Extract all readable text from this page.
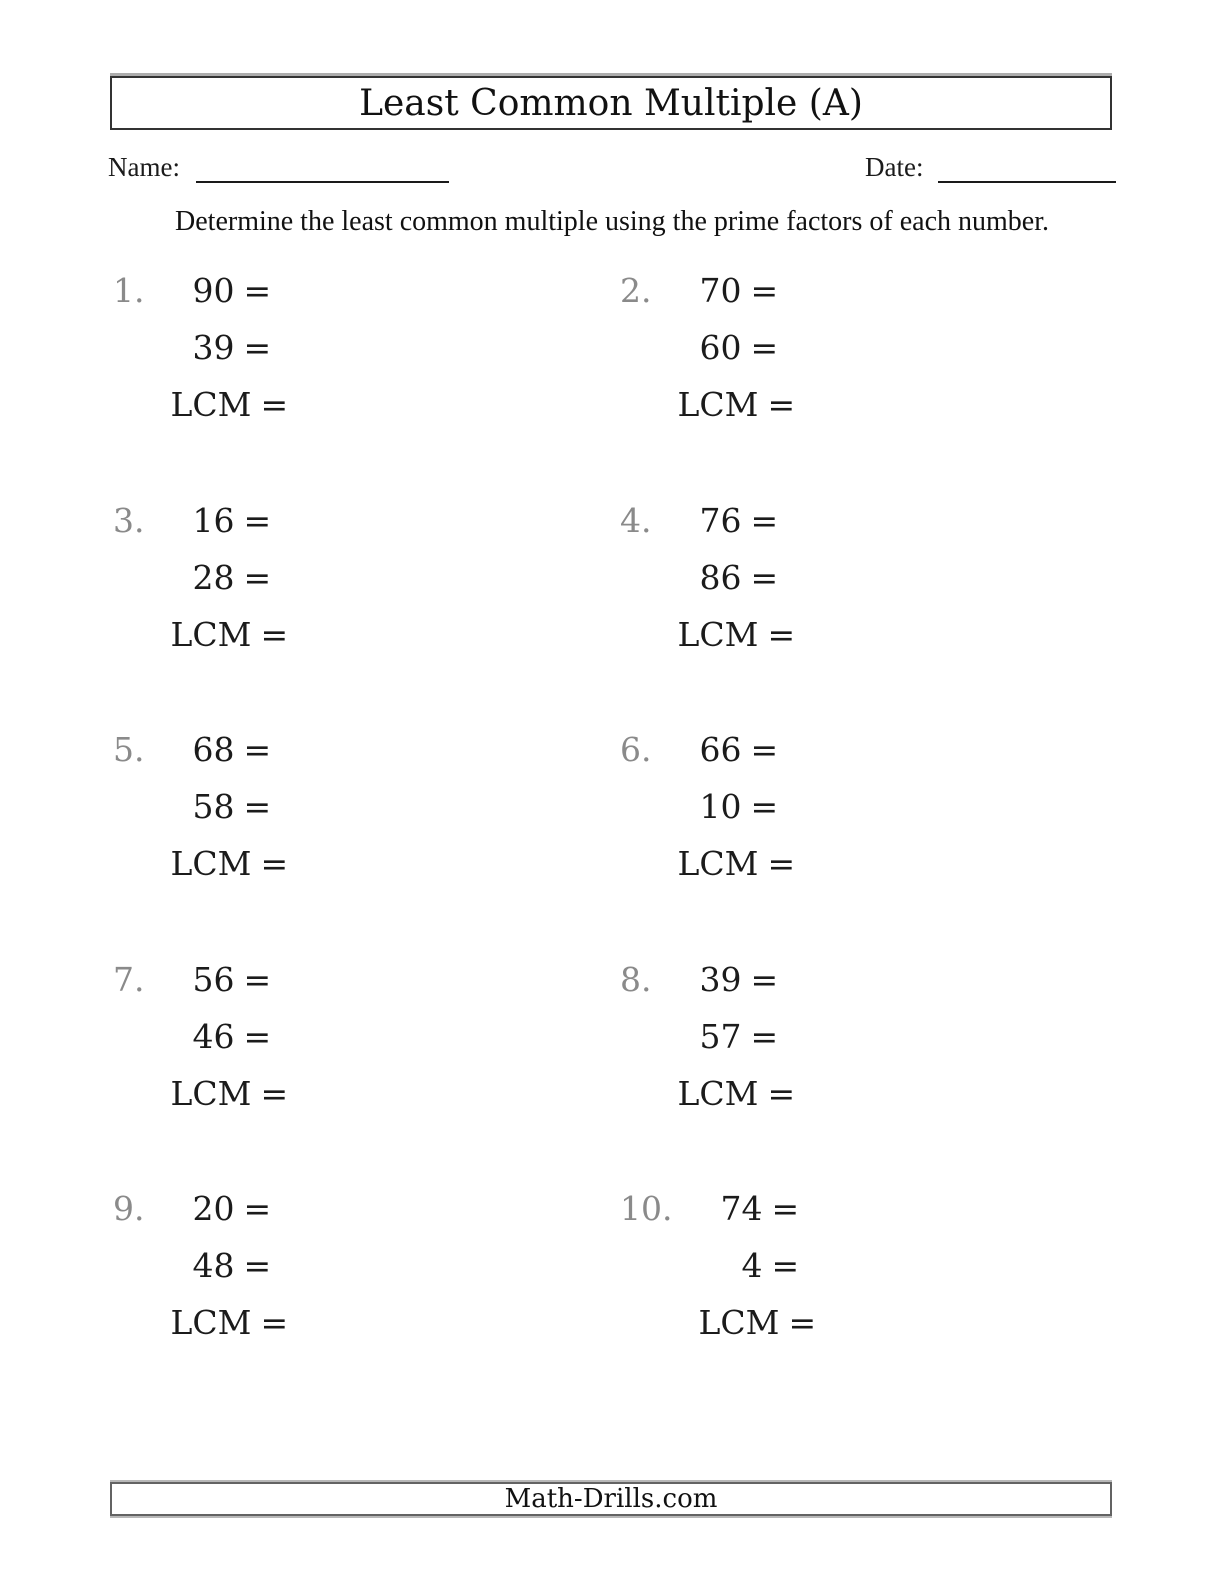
Least Common Multiple (A)
Name:	Date:
Determine the least common multiple using the prime factors of each number.
1.	90 =
39 =
LCM =
2.	70 =
60 =
LCM =
3.	16 =
28 =
LCM =
4.	76 =
86 =
LCM =
5.	68 =
58 =
LCM =
6.	66 =
10 =
LCM =
7.	56 =
46 =
LCM =
8.	39 =
57 =
LCM =
9.	20 =
48 =
LCM =
10.	74 =
4 =
LCM =
Math-Drills.com
